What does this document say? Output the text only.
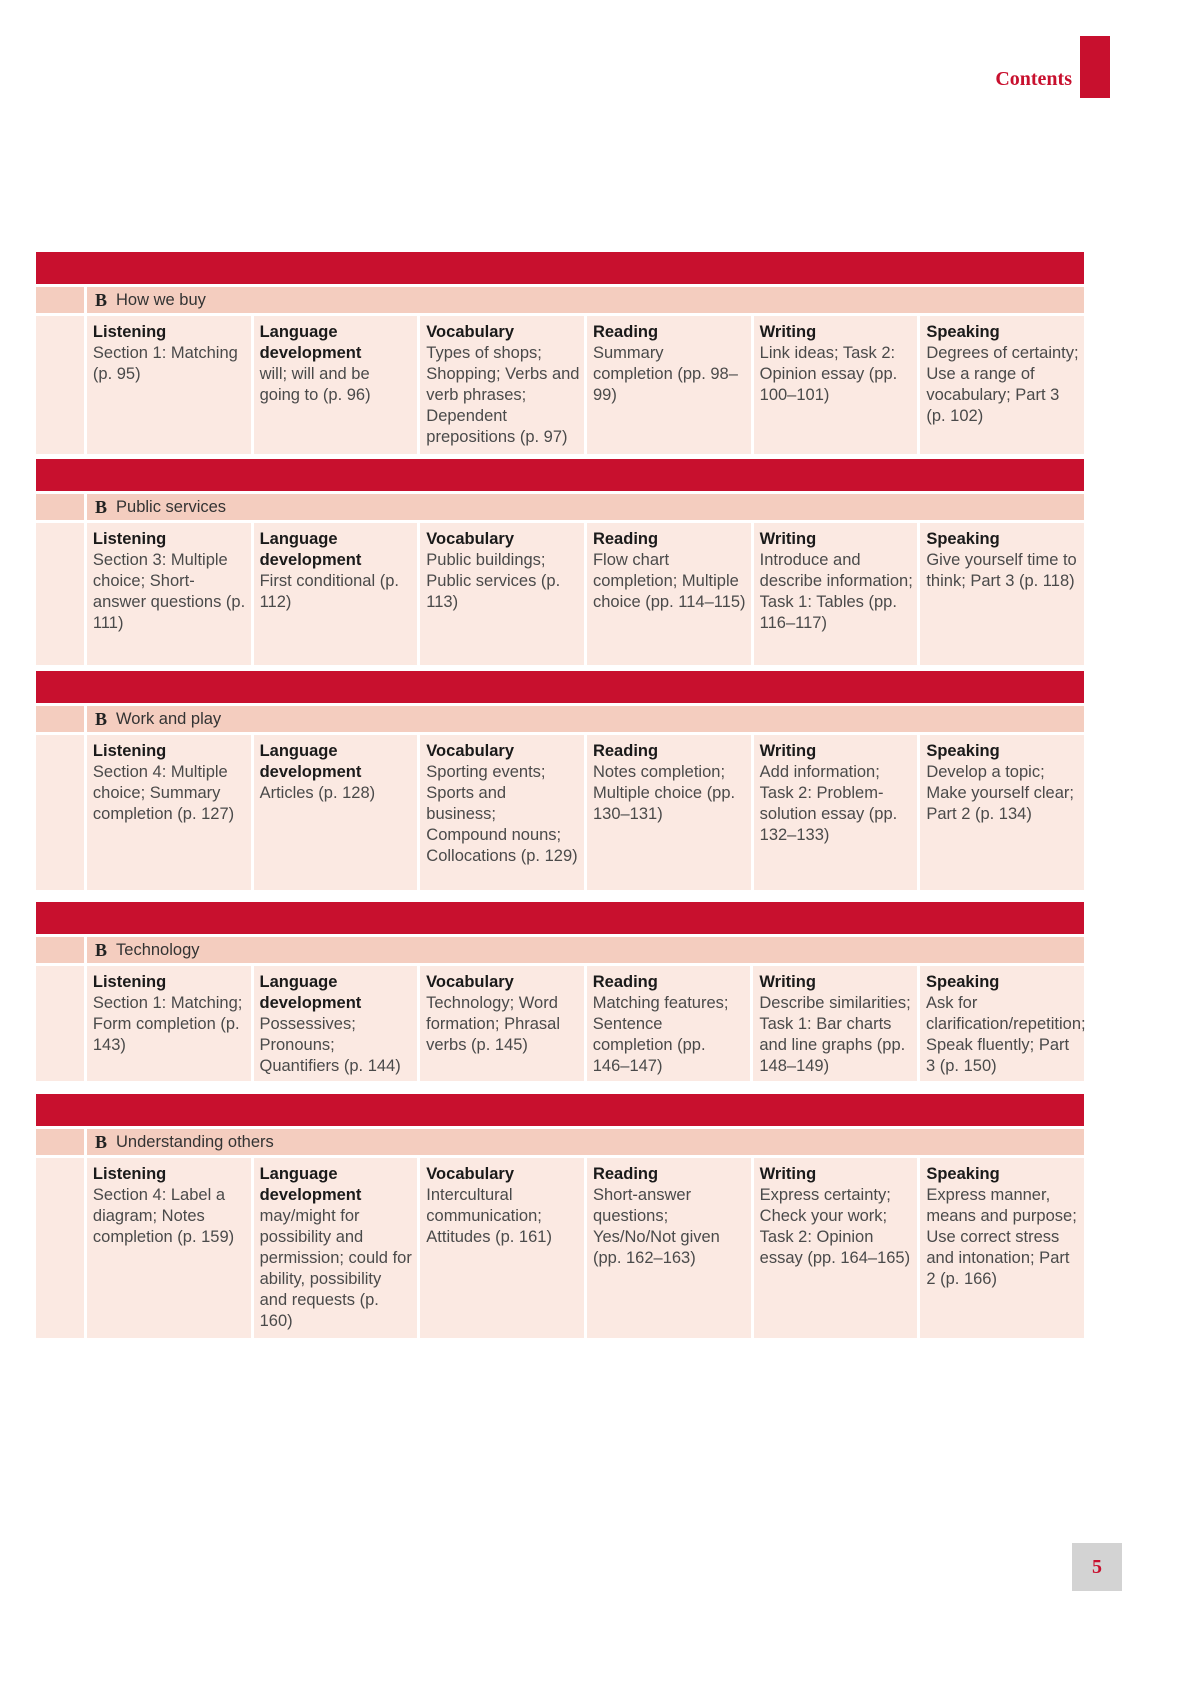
Contents
B How we buy
Listening
Section 1: Matching (p. 95)
Language development
will; will and be going to (p. 96)
Vocabulary
Types of shops; Shopping; Verbs and verb phrases; Dependent prepositions (p. 97)
Reading
Summary completion (pp. 98–99)
Writing
Link ideas; Task 2: Opinion essay (pp. 100–101)
Speaking
Degrees of certainty; Use a range of vocabulary; Part 3 (p. 102)
B Public services
Listening
Section 3: Multiple choice; Short-answer questions (p. 111)
Language development
First conditional (p. 112)
Vocabulary
Public buildings; Public services (p. 113)
Reading
Flow chart completion; Multiple choice (pp. 114–115)
Writing
Introduce and describe information; Task 1: Tables (pp. 116–117)
Speaking
Give yourself time to think; Part 3 (p. 118)
B Work and play
Listening
Section 4: Multiple choice; Summary completion (p. 127)
Language development
Articles (p. 128)
Vocabulary
Sporting events; Sports and business; Compound nouns; Collocations (p. 129)
Reading
Notes completion; Multiple choice (pp. 130–131)
Writing
Add information; Task 2: Problem-solution essay (pp. 132–133)
Speaking
Develop a topic; Make yourself clear; Part 2 (p. 134)
B Technology
Listening
Section 1: Matching; Form completion (p. 143)
Language development
Possessives; Pronouns; Quantifiers (p. 144)
Vocabulary
Technology; Word formation; Phrasal verbs (p. 145)
Reading
Matching features; Sentence completion (pp. 146–147)
Writing
Describe similarities; Task 1: Bar charts and line graphs (pp. 148–149)
Speaking
Ask for clarification/repetition; Speak fluently; Part 3 (p. 150)
B Understanding others
Listening
Section 4: Label a diagram; Notes completion (p. 159)
Language development
may/might for possibility and permission; could for ability, possibility and requests (p. 160)
Vocabulary
Intercultural communication; Attitudes (p. 161)
Reading
Short-answer questions; Yes/No/Not given (pp. 162–163)
Writing
Express certainty; Check your work; Task 2: Opinion essay (pp. 164–165)
Speaking
Express manner, means and purpose; Use correct stress and intonation; Part 2 (p. 166)
5
